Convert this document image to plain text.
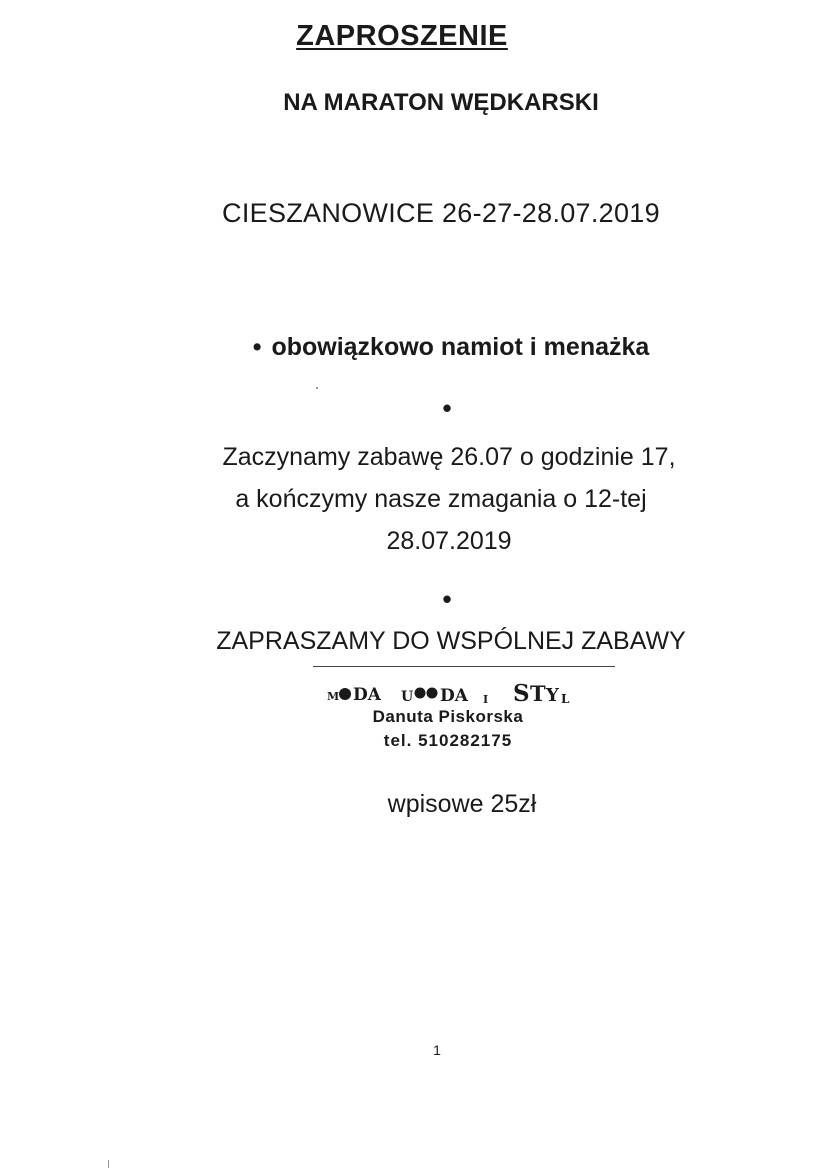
ZAPROSZENIE
NA MARATON WĘDKARSKI
CIESZANOWICE 26-27-28.07.2019
• obowiązkowo namiot i menażka
•
Zaczynamy zabawę 26.07 o godzinie 17,
a kończymy nasze zmagania o 12-tej
28.07.2019
•
ZAPRASZAMY DO WSPÓLNEJ ZABAWY
M DA U DA I S T Y L
Danuta Piskorska
tel. 510282175
wpisowe 25zł
1
